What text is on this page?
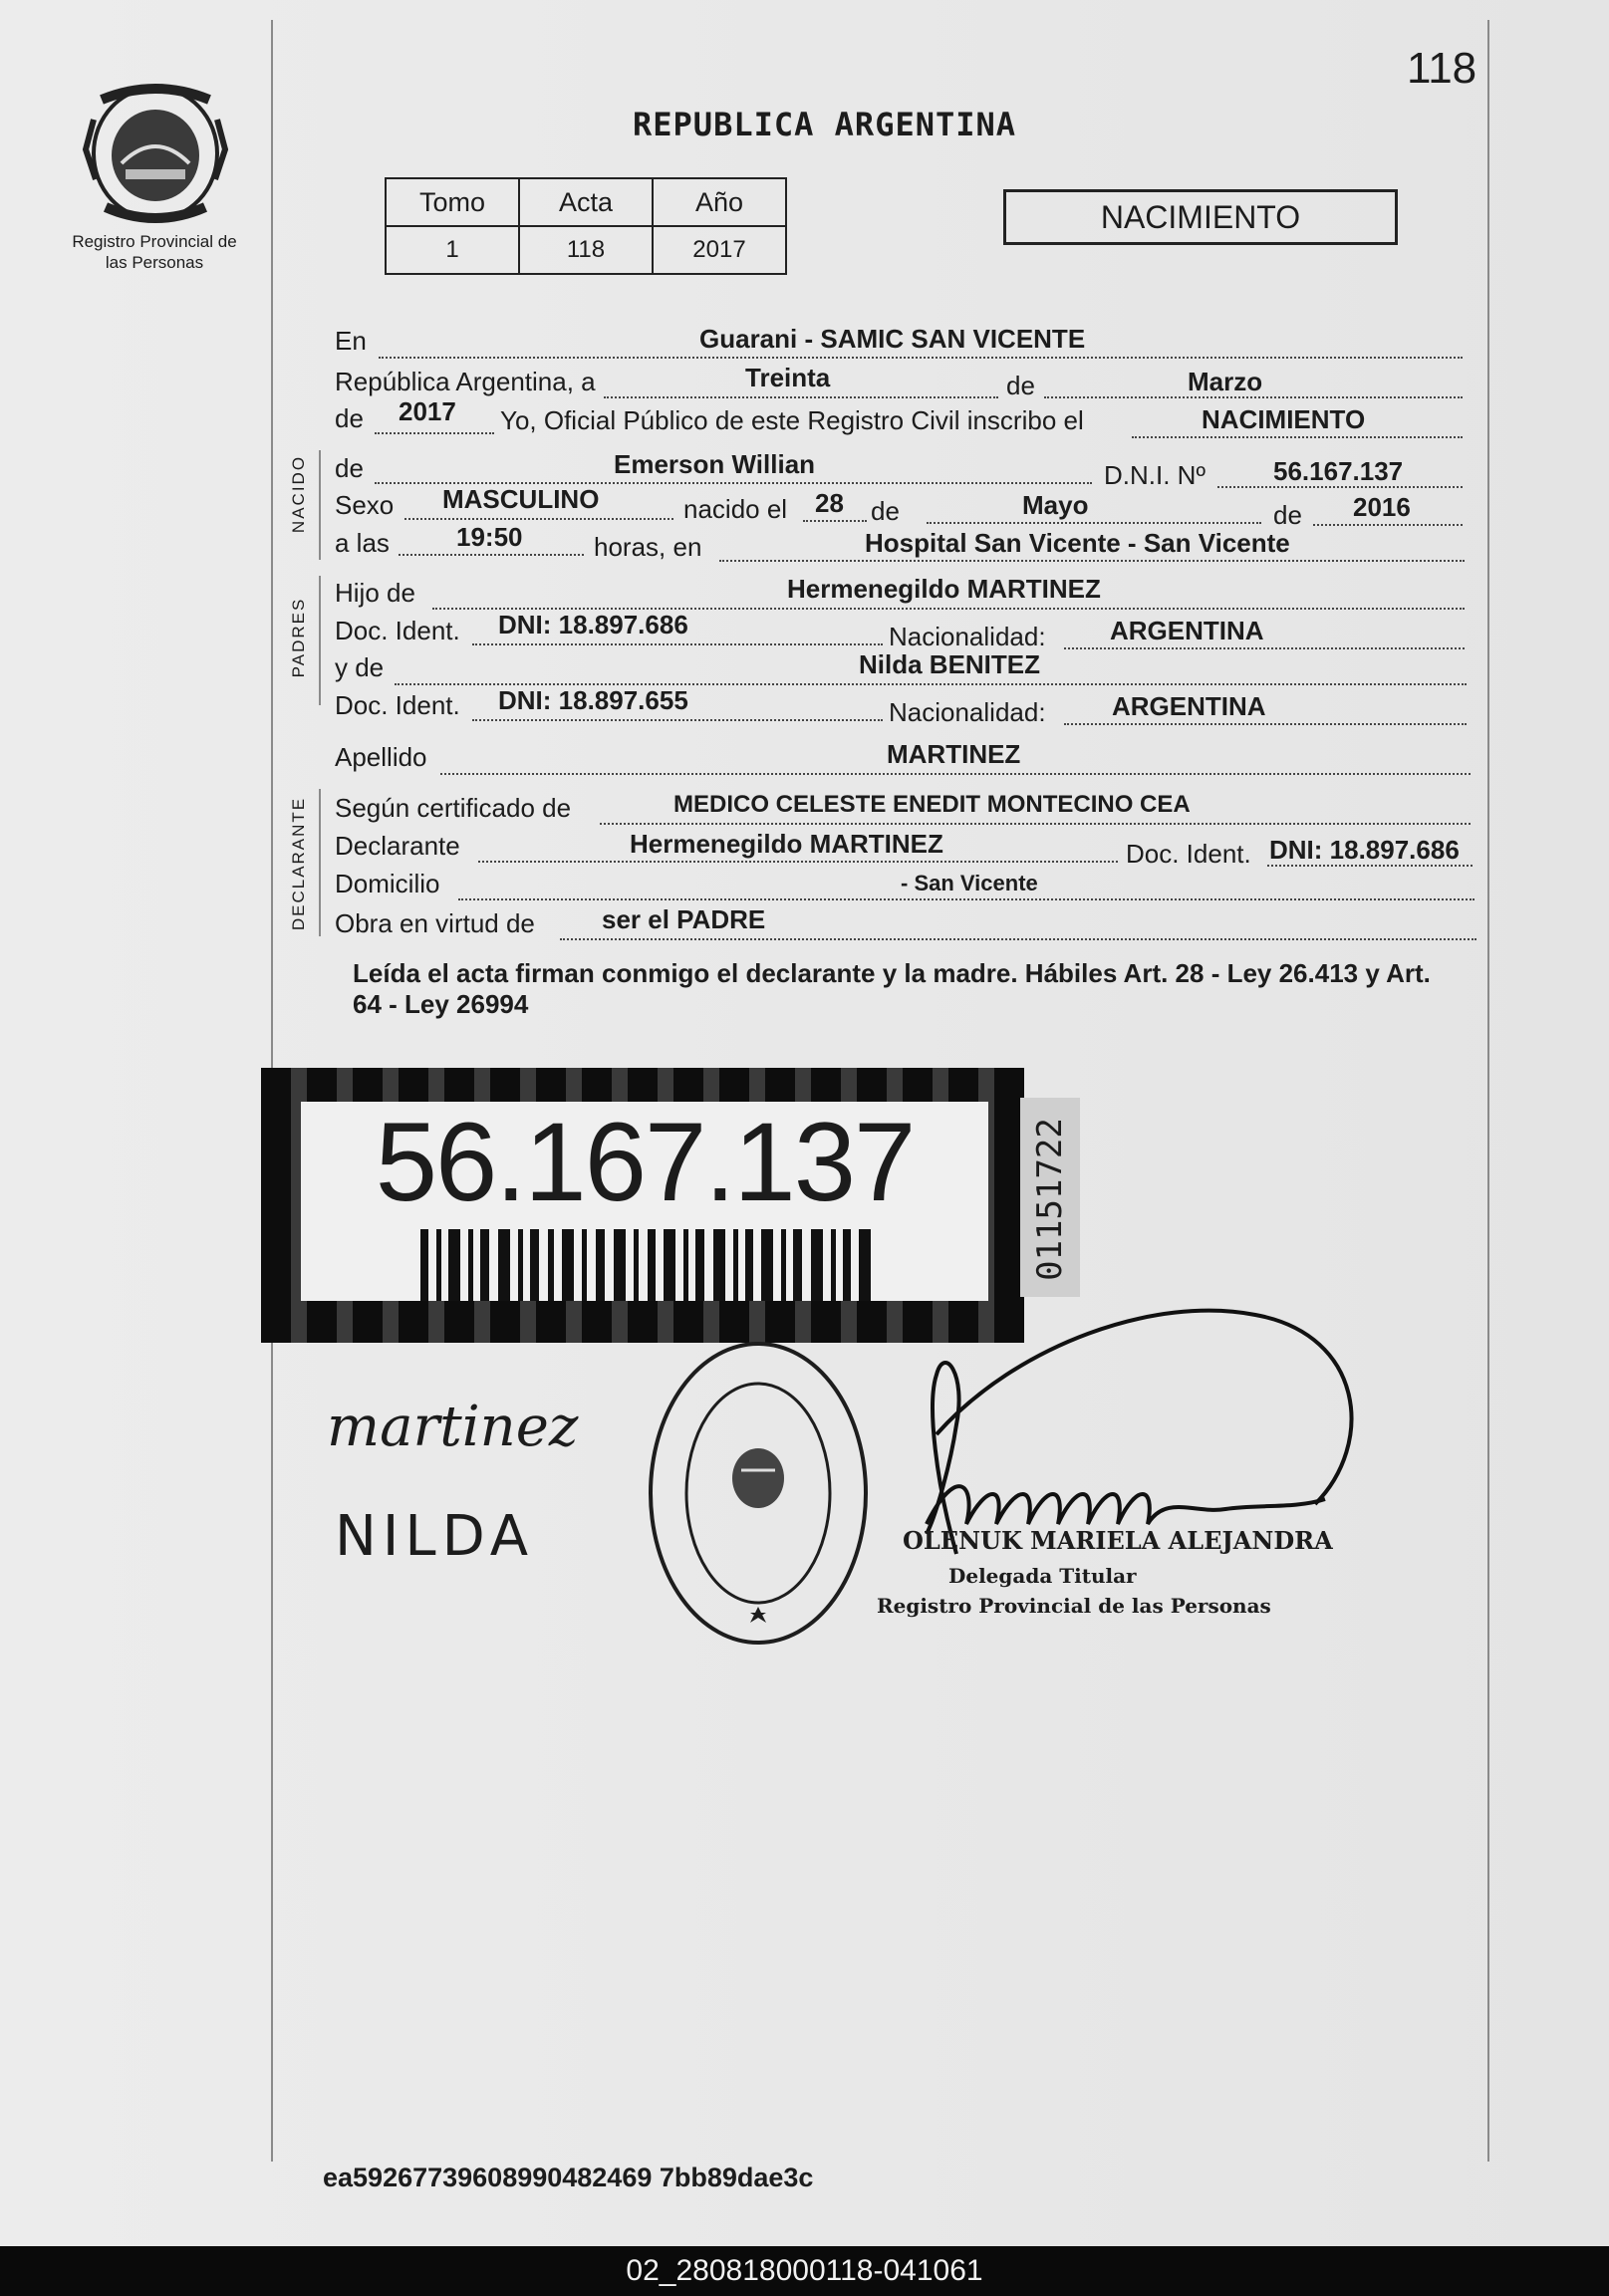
Registro Provincial de las Personas
118
REPUBLICA ARGENTINA
Tomo	Acta	Año
1	118	2017
NACIMIENTO
NACIDO
PADRES
DECLARANTE
En	Guarani - SAMIC SAN VICENTE
República Argentina, a	Treinta	de	Marzo
de 2017 Yo, Oficial Público de este Registro Civil inscribo el	NACIMIENTO
de	Emerson Willian	D.N.I. Nº	56.167.137
Sexo MASCULINO	nacido el 28 de	Mayo	de 2016
a las	19:50	horas, en	Hospital San Vicente - San Vicente
Hijo de	Hermenegildo MARTINEZ
Doc. Ident. DNI: 18.897.686	Nacionalidad: ARGENTINA
y de	Nilda BENITEZ
Doc. Ident. DNI: 18.897.655	Nacionalidad:	ARGENTINA
Apellido	MARTINEZ
Según certificado de	MEDICO CELESTE ENEDIT MONTECINO CEA
Declarante	Hermenegildo MARTINEZ	Doc. Ident. DNI: 18.897.686
Domicilio	- San Vicente
Obra en virtud de	ser el PADRE
Leída el acta firman conmigo el declarante y la madre. Hábiles Art. 28 - Ley 26.413 y Art. 64 - Ley 26994
56.167.137	01151722
martinez
NILDA	OLENUK MARIELA ALEJANDRA
Delegada Titular
Registro Provincial de las Personas
ea59267739608990482469 7bb89dae3c
02_280818000118-041061
